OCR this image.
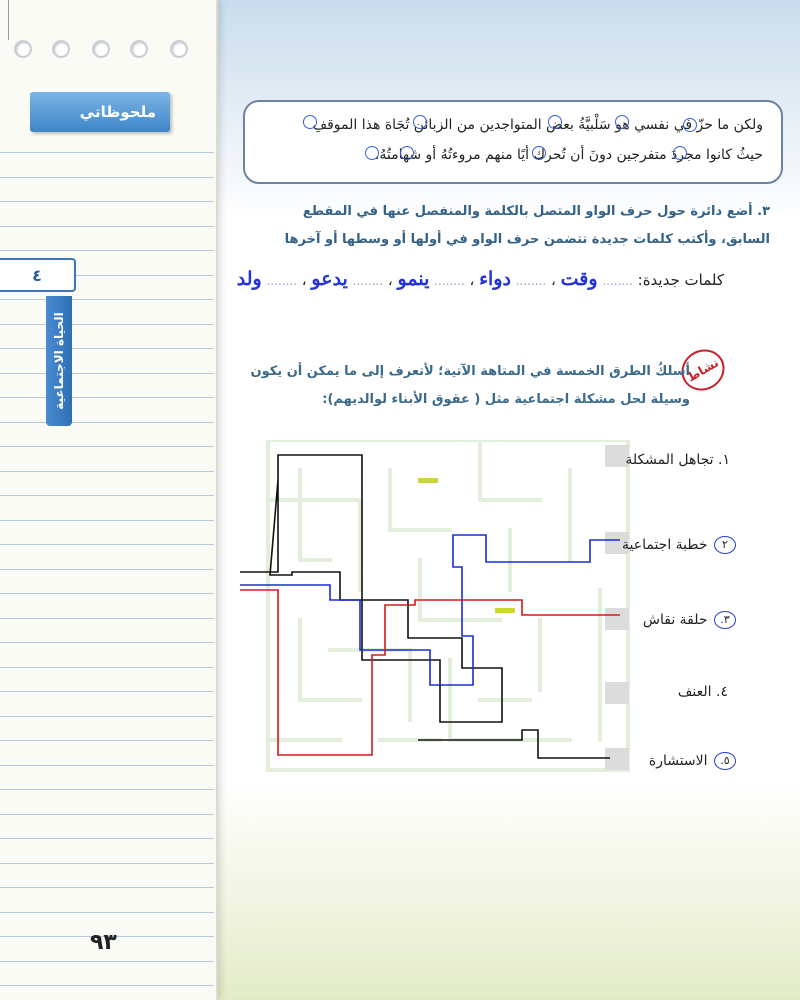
ملحوظاتي
٤
الحياة الاجتماعية
٩٣
ولكن ما حزّ في نفسي هو سَلْبيَّةُ بعض المتواجدين من الزبائن تُجَاهَ هذا الموقفِ
حيثُ كانوا مجردَ متفرجين دونَ أن تُحرك أيًا منهم مروءتُهُ أو شهامتُهُ.
٣. أضع دائرة حول حرف الواو المتصل بالكلمة والمنفصل عنها في المقطع السابق، وأكتب كلمات جديدة تتضمن حرف الواو في أولها أو وسطها أو آخرها
كلمات جديدة: ........ وقت ، ........ دواء ، ........ ينمو ، ........ يدعو ، ........ ولد
نشاط
أسلكُ الطرق الخمسة في المتاهة الآتية؛ لأتعرف إلى ما يمكن أن يكون وسيلة لحل مشكلة اجتماعية مثل ( عقوق الأبناء لوالديهم):
١. تجاهل المشكلة
٢ خطبة اجتماعية
٣. حلقة نقاش
٤. العنف
٥. الاستشارة
